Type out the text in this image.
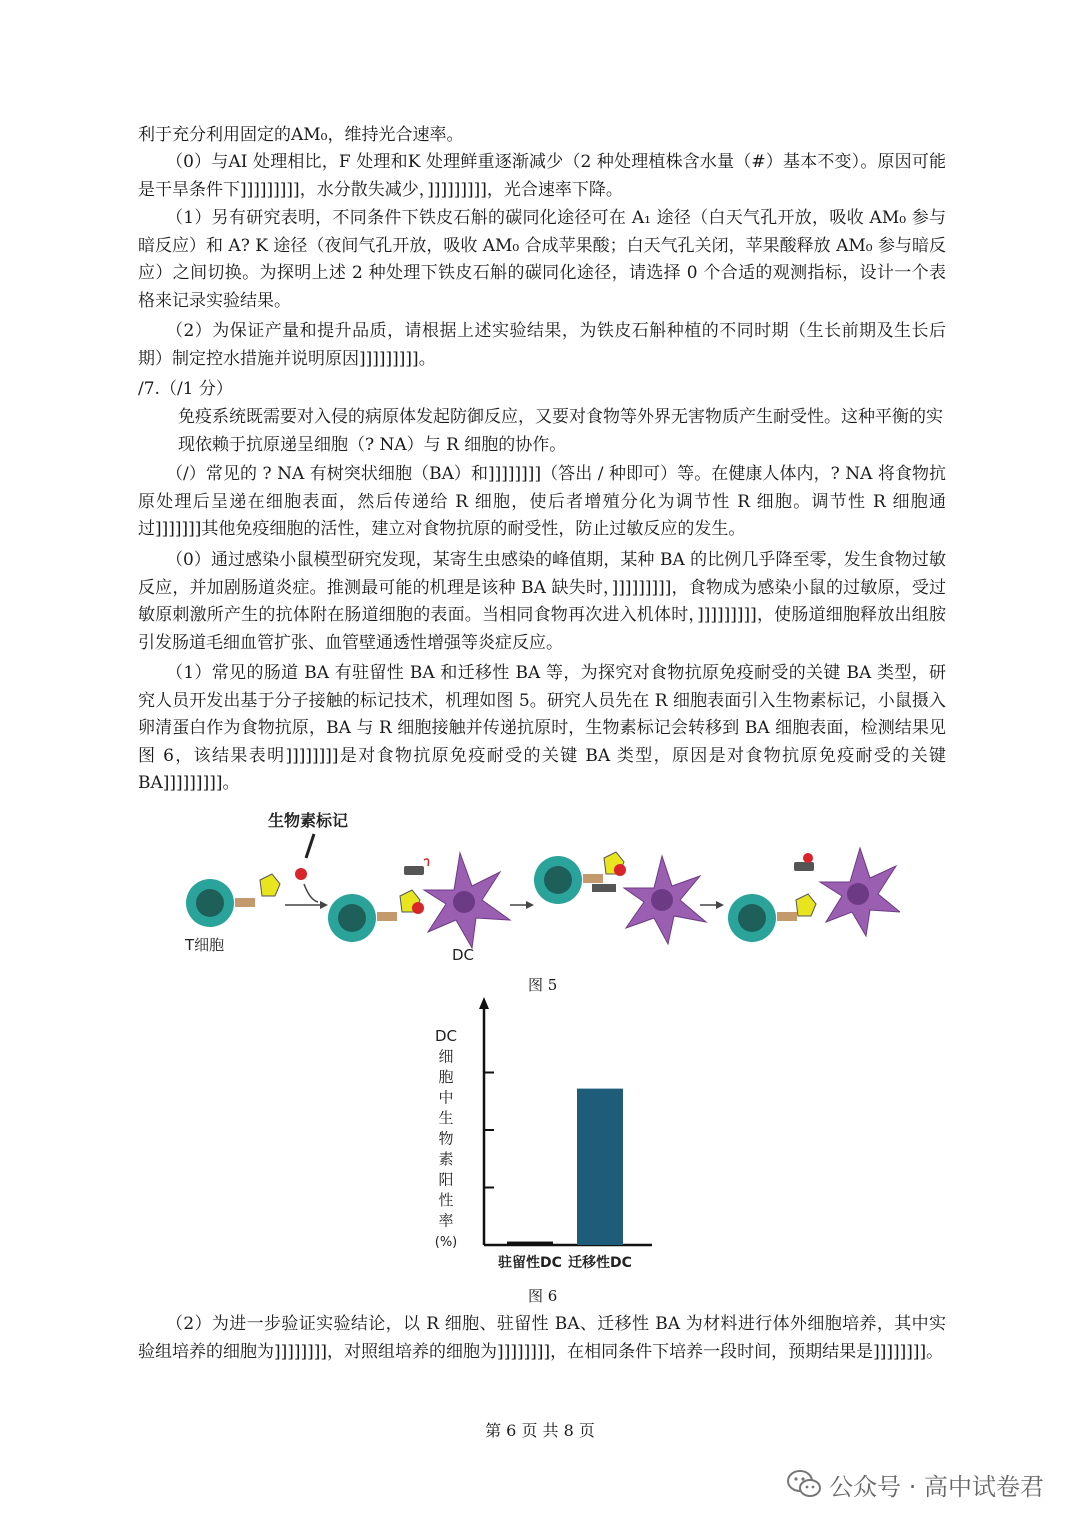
利于充分利用固定的AM₀，维持光合速率。

（0）与AI 处理相比，F 处理和K 处理鲜重逐渐减少（2 种处理植株含水量（#）基本不变）。原因可能是干旱条件下]]]]]]]]]，水分散失减少，]]]]]]]]]，光合速率下降。

（1）另有研究表明，不同条件下铁皮石斛的碳同化途径可在 A₁ 途径（白天气孔开放，吸收 AM₀ 参与暗反应）和 A? K 途径（夜间气孔开放，吸收 AM₀ 合成苹果酸；白天气孔关闭，苹果酸释放 AM₀ 参与暗反应）之间切换。为探明上述 2 种处理下铁皮石斛的碳同化途径，请选择 0 个合适的观测指标，设计一个表格来记录实验结果。

（2）为保证产量和提升品质，请根据上述实验结果，为铁皮石斛种植的不同时期（生长前期及生长后期）制定控水措施并说明原因]]]]]]]]]。

/7.（/1 分）

免疫系统既需要对入侵的病原体发起防御反应，又要对食物等外界无害物质产生耐受性。这种平衡的实现依赖于抗原递呈细胞（? NA）与 R 细胞的协作。

（/）常见的 ? NA 有树突状细胞（BA）和]]]]]]]]（答出 / 种即可）等。在健康人体内，? NA 将食物抗原处理后呈递在细胞表面，然后传递给 R 细胞，使后者增殖分化为调节性 R 细胞。调节性 R 细胞通过]]]]]]]其他免疫细胞的活性，建立对食物抗原的耐受性，防止过敏反应的发生。

（0）通过感染小鼠模型研究发现，某寄生虫感染的峰值期，某种 BA 的比例几乎降至零，发生食物过敏反应，并加剧肠道炎症。推测最可能的机理是该种 BA 缺失时，]]]]]]]]]，食物成为感染小鼠的过敏原，受过敏原刺激所产生的抗体附在肠道细胞的表面。当相同食物再次进入机体时，]]]]]]]]]，使肠道细胞释放出组胺引发肠道毛细血管扩张、血管壁通透性增强等炎症反应。

（1）常见的肠道 BA 有驻留性 BA 和迁移性 BA 等，为探究对食物抗原免疫耐受的关键 BA 类型，研究人员开发出基于分子接触的标记技术，机理如图 5。研究人员先在 R 细胞表面引入生物素标记，小鼠摄入卵清蛋白作为食物抗原，BA 与 R 细胞接触并传递抗原时，生物素标记会转移到 BA 细胞表面，检测结果见图 6，该结果表明]]]]]]]]是对食物抗原免疫耐受的关键 BA 类型，原因是对食物抗原免疫耐受的关键 BA]]]]]]]]]。

生物素标记
T细胞
DC

图 5

DC
细
胞
中
生
物
素
阳
性
率
(%)
驻留性DC 迁移性DC

图 6

（2）为进一步验证实验结论，以 R 细胞、驻留性 BA、迁移性 BA 为材料进行体外细胞培养，其中实验组培养的细胞为]]]]]]]]，对照组培养的细胞为]]]]]]]]，在相同条件下培养一段时间，预期结果是]]]]]]]]。

第 6 页 共 8 页

公众号 · 高中试卷君
